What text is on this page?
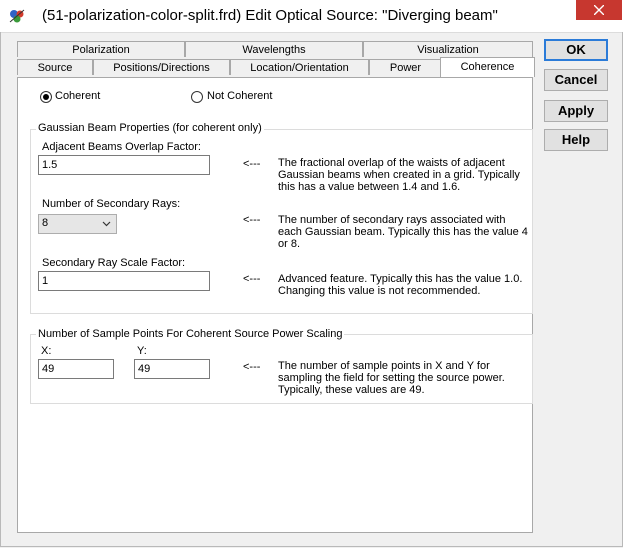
(51-polarization-color-split.frd) Edit Optical Source: "Diverging beam"
Polarization	Wavelengths	Visualization
Source	Positions/Directions	Location/Orientation	Power	Coherence
OK
Cancel
Apply
Help
Coherent	Not Coherent
Gaussian Beam Properties (for coherent only)
Adjacent Beams Overlap Factor:
1.5
<--- The fractional overlap of the waists of adjacent Gaussian beams when created in a grid. Typically this has a value between 1.4 and 1.6.
Number of Secondary Rays:
8	<--- The number of secondary rays associated with each Gaussian beam. Typically this has the value 4 or 8.
Secondary Ray Scale Factor:
1
<--- Advanced feature. Typically this has the value 1.0. Changing this value is not recommended.
Number of Sample Points For Coherent Source Power Scaling
X:
49	Y:
49
<--- The number of sample points in X and Y for sampling the field for setting the source power. Typically, these values are 49.
